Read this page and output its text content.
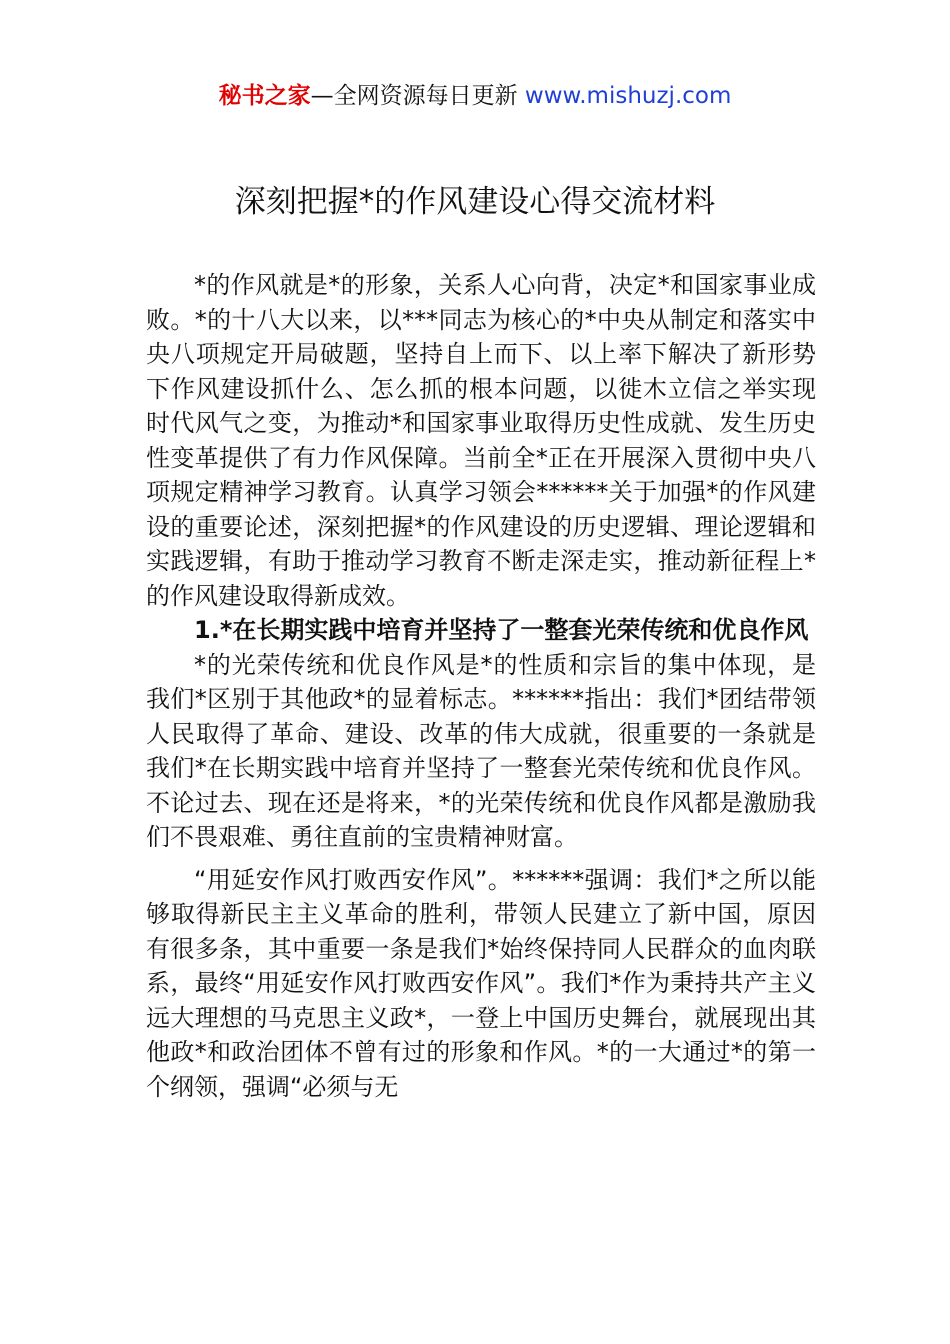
秘书之家—全网资源每日更新 www.mishuzj.com
深刻把握*的作风建设心得交流材料

*的作风就是*的形象，关系人心向背，决定*和国家事业成败。*的十八大以来，以***同志为核心的*中央从制定和落实中央八项规定开局破题，坚持自上而下、以上率下解决了新形势下作风建设抓什么、怎么抓的根本问题，以徙木立信之举实现时代风气之变，为推动*和国家事业取得历史性成就、发生历史性变革提供了有力作风保障。当前全*正在开展深入贯彻中央八项规定精神学习教育。认真学习领会******关于加强*的作风建设的重要论述，深刻把握*的作风建设的历史逻辑、理论逻辑和实践逻辑，有助于推动学习教育不断走深走实，推动新征程上*的作风建设取得新成效。

1.*在长期实践中培育并坚持了一整套光荣传统和优良作风

*的光荣传统和优良作风是*的性质和宗旨的集中体现，是我们*区别于其他政*的显着标志。******指出：我们*团结带领人民取得了革命、建设、改革的伟大成就，很重要的一条就是我们*在长期实践中培育并坚持了一整套光荣传统和优良作风。不论过去、现在还是将来，*的光荣传统和优良作风都是激励我们不畏艰难、勇往直前的宝贵精神财富。

“用延安作风打败西安作风”。******强调：我们*之所以能够取得新民主主义革命的胜利，带领人民建立了新中国，原因有很多条，其中重要一条是我们*始终保持同人民群众的血肉联系，最终“用延安作风打败西安作风”。我们*作为秉持共产主义远大理想的马克思主义政*，一登上中国历史舞台，就展现出其他政*和政治团体不曾有过的形象和作风。*的一大通过*的第一个纲领，强调“必须与无
